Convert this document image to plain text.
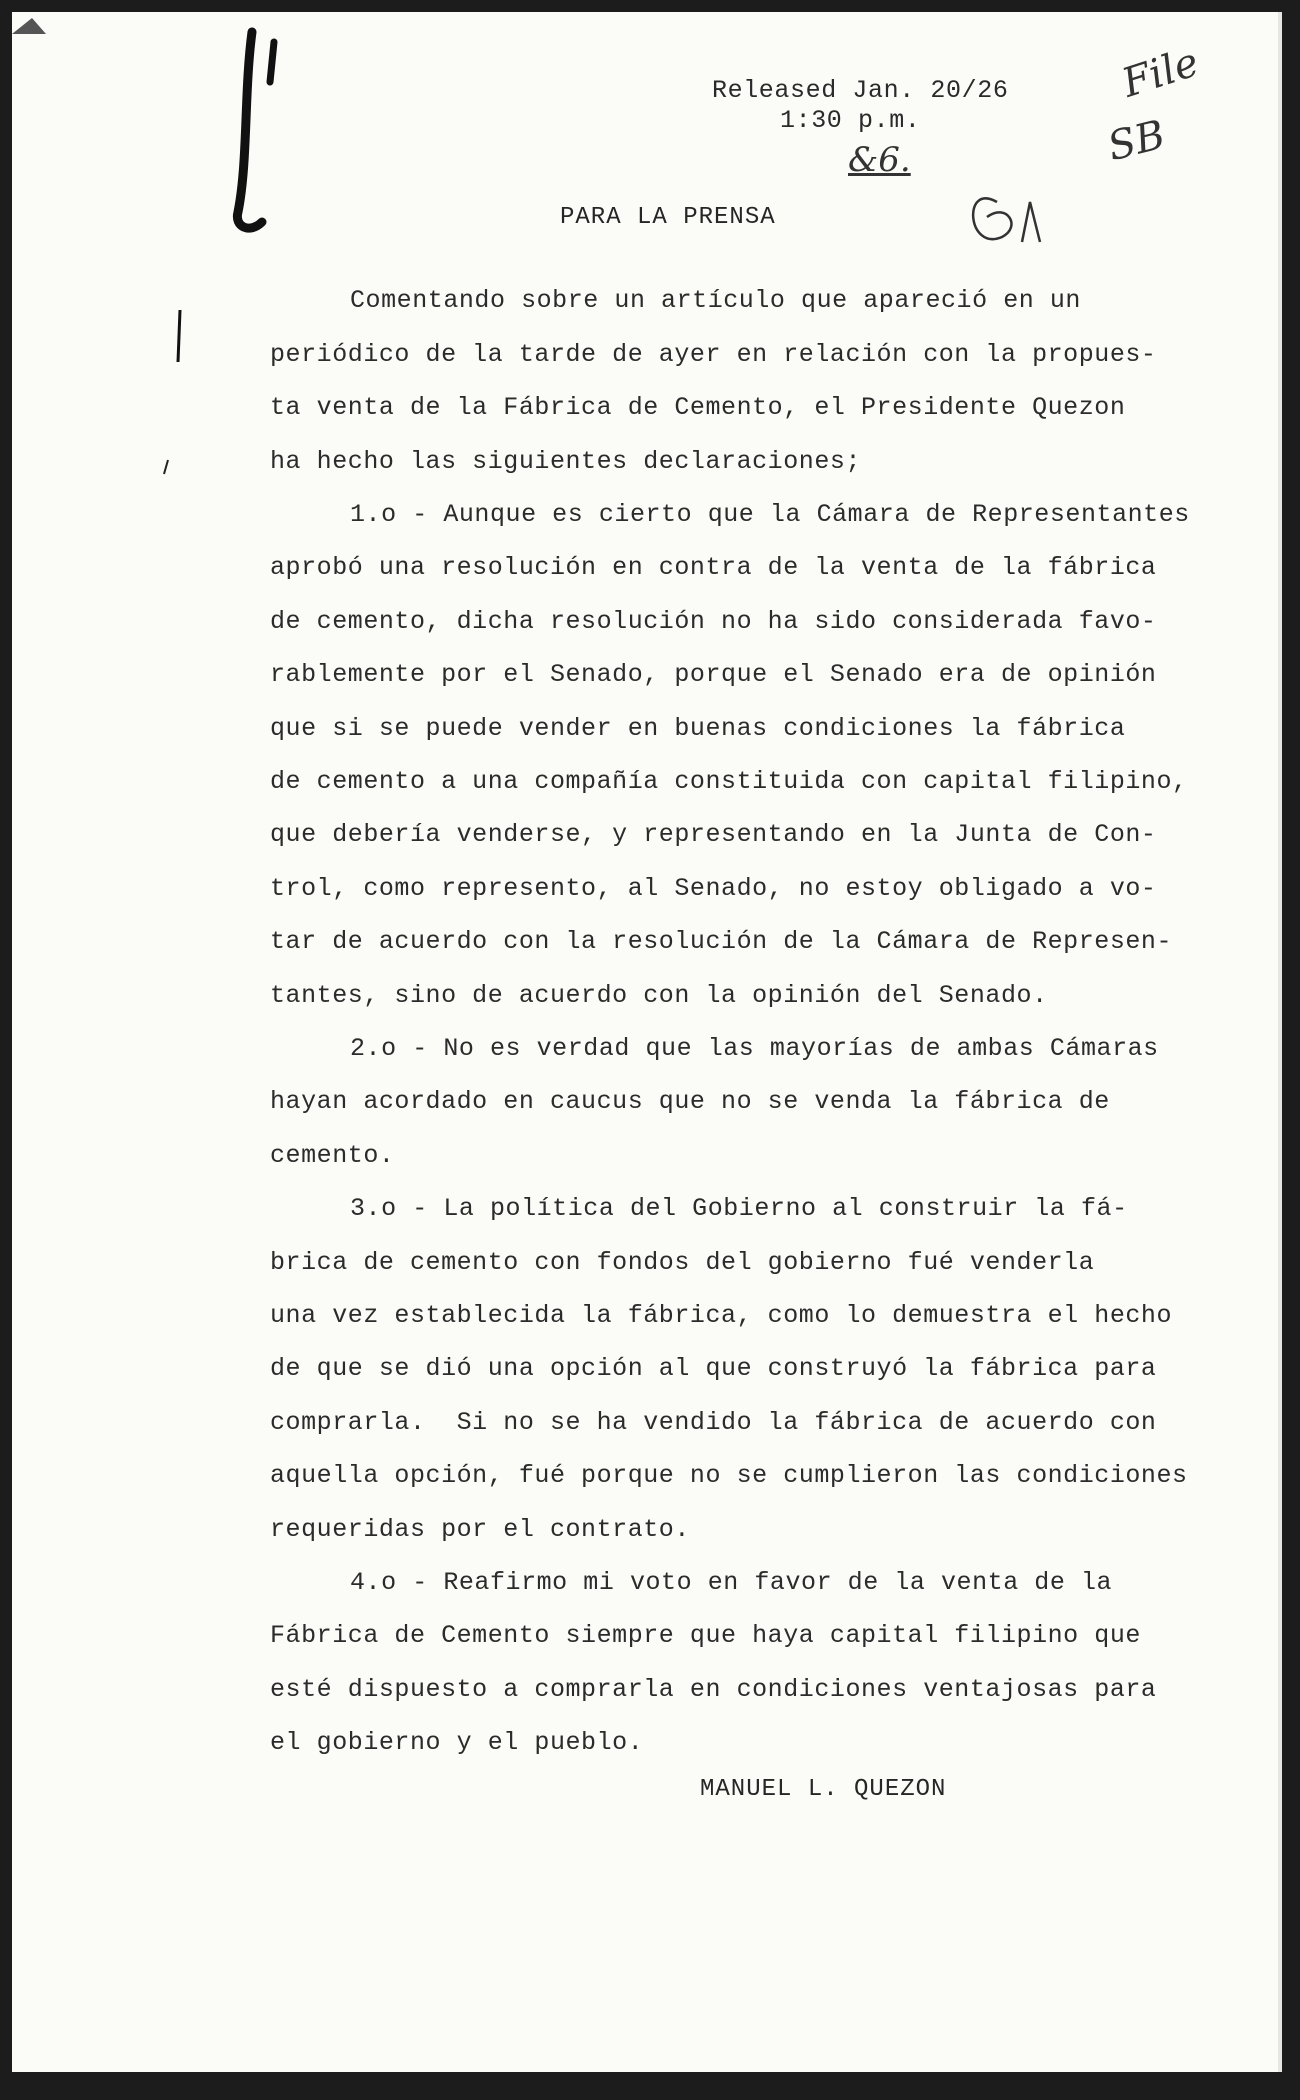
Released Jan. 20/26
1:30 p.m.
&6.
File
SB
PARA LA PRENSA
Comentando sobre un artículo que apareció en un
periódico de la tarde de ayer en relación con la propues-
ta venta de la Fábrica de Cemento, el Presidente Quezon
ha hecho las siguientes declaraciones;
1.o - Aunque es cierto que la Cámara de Representantes
aprobó una resolución en contra de la venta de la fábrica
de cemento, dicha resolución no ha sido considerada favo-
rablemente por el Senado, porque el Senado era de opinión
que si se puede vender en buenas condiciones la fábrica
de cemento a una compañía constituida con capital filipino,
que debería venderse, y representando en la Junta de Con-
trol, como represento, al Senado, no estoy obligado a vo-
tar de acuerdo con la resolución de la Cámara de Represen-
tantes, sino de acuerdo con la opinión del Senado.
2.o - No es verdad que las mayorías de ambas Cámaras
hayan acordado en caucus que no se venda la fábrica de
cemento.
3.o - La política del Gobierno al construir la fá-
brica de cemento con fondos del gobierno fué venderla
una vez establecida la fábrica, como lo demuestra el hecho
de que se dió una opción al que construyó la fábrica para
comprarla.  Si no se ha vendido la fábrica de acuerdo con
aquella opción, fué porque no se cumplieron las condiciones
requeridas por el contrato.
4.o - Reafirmo mi voto en favor de la venta de la
Fábrica de Cemento siempre que haya capital filipino que
esté dispuesto a comprarla en condiciones ventajosas para
el gobierno y el pueblo.
MANUEL L. QUEZON
